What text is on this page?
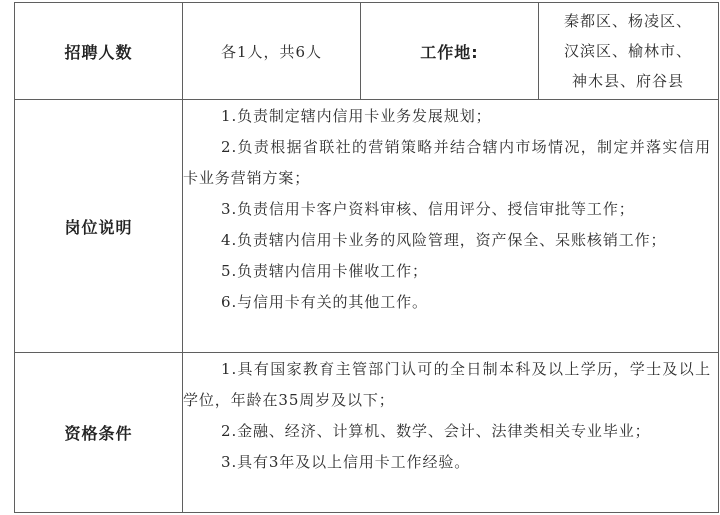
招聘人数	各1人，共6人	工作地:
秦都区、杨凌区、
汉滨区、榆林市、
神木县、府谷县
岗位说明

1.负责制定辖内信用卡业务发展规划；

2.负责根据省联社的营销策略并结合辖内市场情况，制定并落实信用卡业务营销方案；

3.负责信用卡客户资料审核、信用评分、授信审批等工作；

4.负责辖内信用卡业务的风险管理，资产保全、呆账核销工作；

5.负责辖内信用卡催收工作；

6.与信用卡有关的其他工作。

资格条件

1.具有国家教育主管部门认可的全日制本科及以上学历，学士及以上学位，年龄在35周岁及以下；

2.金融、经济、计算机、数学、会计、法律类相关专业毕业；

3.具有3年及以上信用卡工作经验。
